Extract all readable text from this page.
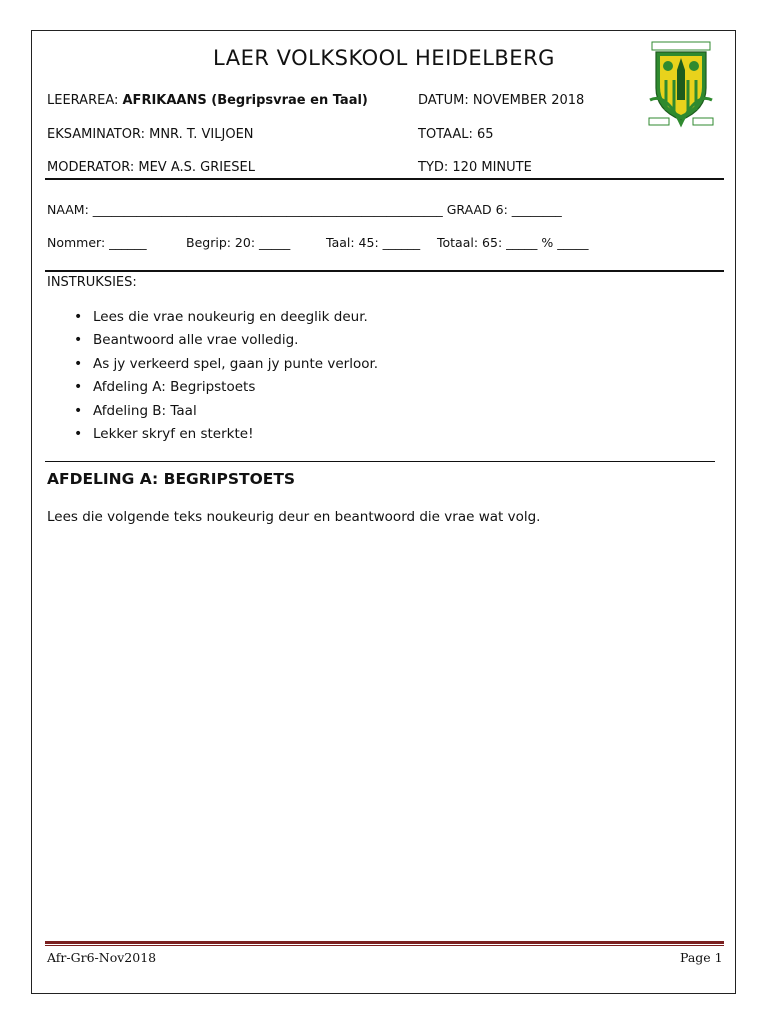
LAER VOLKSKOOL HEIDELBERG
LEERAREA: AFRIKAANS (Begripsvrae en Taal)	DATUM: NOVEMBER 2018
EKSAMINATOR: MNR. T. VILJOEN	TOTAAL: 65
MODERATOR: MEV A.S. GRIESEL	TYD: 120 MINUTE
NAAM: ________________________________________________________ GRAAD 6: ________
Nommer: ______	Begrip: 20: _____	Taal: 45: ______ Totaal: 65: _____ % _____
INSTRUKSIES:
• Lees die vrae noukeurig en deeglik deur.
• Beantwoord alle vrae volledig.
• As jy verkeerd spel, gaan jy punte verloor.
• Afdeling A: Begripstoets
• Afdeling B: Taal
• Lekker skryf en sterkte!
AFDELING A: BEGRIPSTOETS
Lees die volgende teks noukeurig deur en beantwoord die vrae wat volg.
Afr-Gr6-Nov2018	Page 1
